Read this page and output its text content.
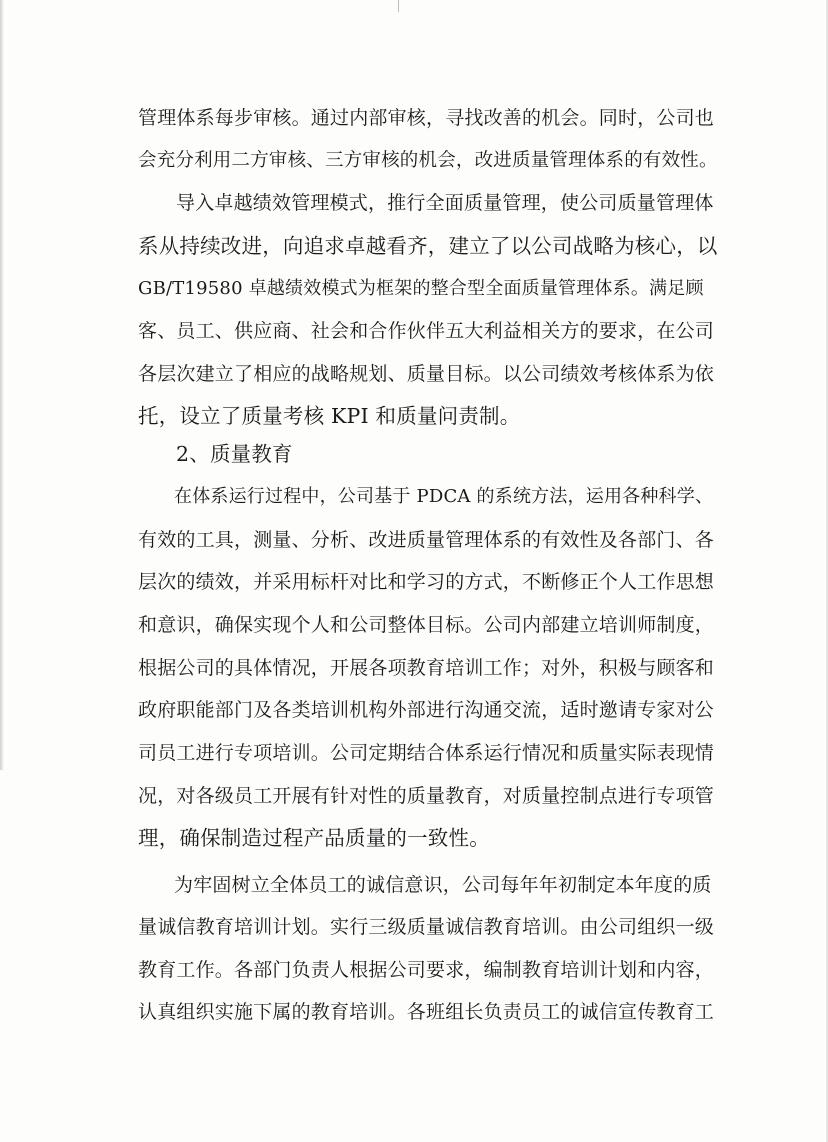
管理体系每步审核。通过内部审核，寻找改善的机会。同时，公司也
会充分利用二方审核、三方审核的机会，改进质量管理体系的有效性。
导入卓越绩效管理模式，推行全面质量管理，使公司质量管理体
系从持续改进，向追求卓越看齐，建立了以公司战略为核心，以
GB/T19580 卓越绩效模式为框架的整合型全面质量管理体系。满足顾
客、员工、供应商、社会和合作伙伴五大利益相关方的要求，在公司
各层次建立了相应的战略规划、质量目标。以公司绩效考核体系为依
托，设立了质量考核 KPI 和质量问责制。
2、质量教育
在体系运行过程中，公司基于 PDCA 的系统方法，运用各种科学、
有效的工具，测量、分析、改进质量管理体系的有效性及各部门、各
层次的绩效，并采用标杆对比和学习的方式，不断修正个人工作思想
和意识，确保实现个人和公司整体目标。公司内部建立培训师制度，
根据公司的具体情况，开展各项教育培训工作；对外，积极与顾客和
政府职能部门及各类培训机构外部进行沟通交流，适时邀请专家对公
司员工进行专项培训。公司定期结合体系运行情况和质量实际表现情
况，对各级员工开展有针对性的质量教育，对质量控制点进行专项管
理，确保制造过程产品质量的一致性。
为牢固树立全体员工的诚信意识，公司每年年初制定本年度的质
量诚信教育培训计划。实行三级质量诚信教育培训。由公司组织一级
教育工作。各部门负责人根据公司要求，编制教育培训计划和内容，
认真组织实施下属的教育培训。各班组长负责员工的诚信宣传教育工
